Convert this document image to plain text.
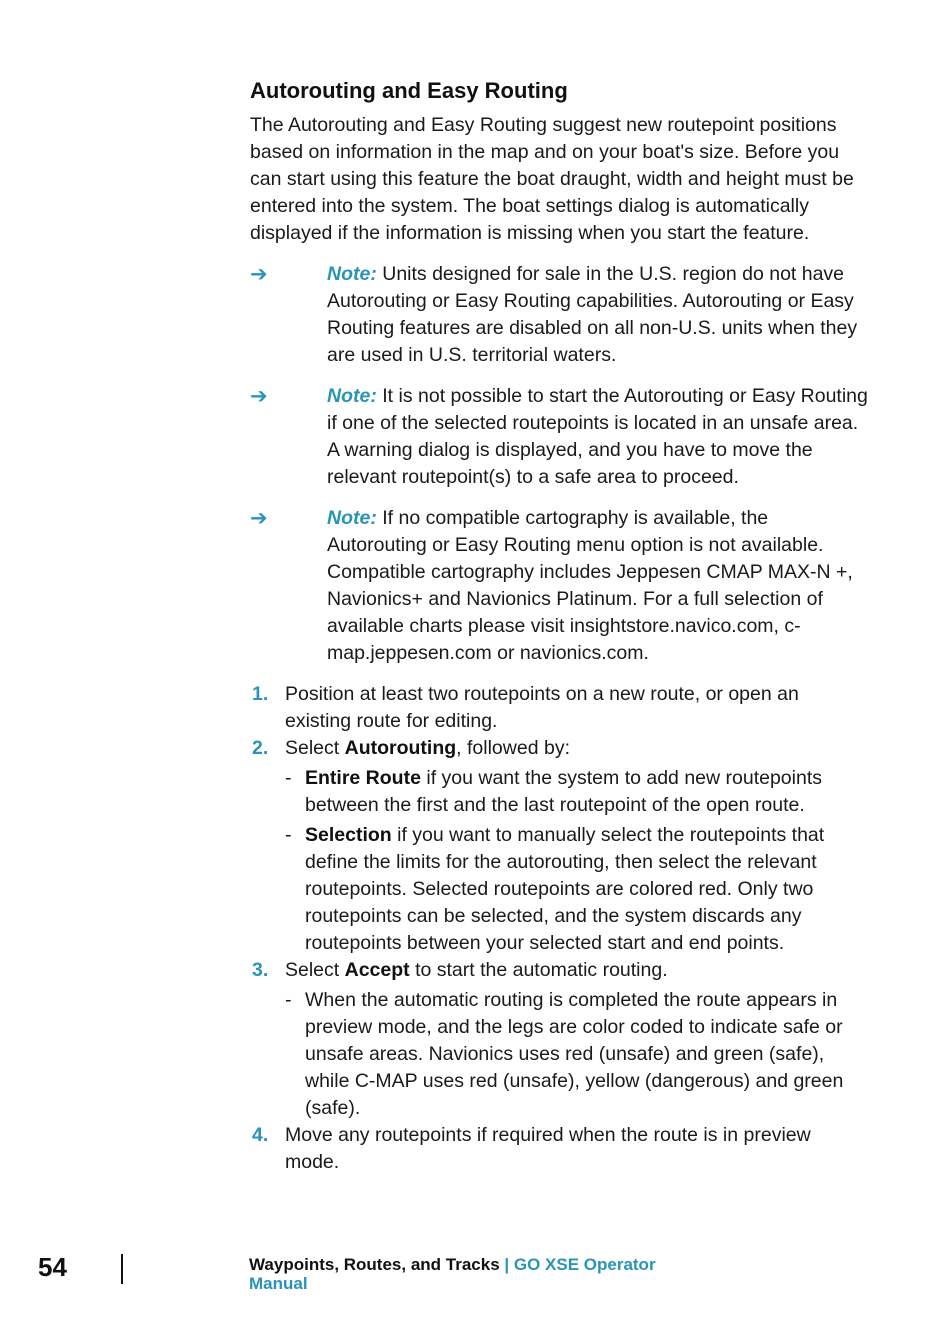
Autorouting and Easy Routing

The Autorouting and Easy Routing suggest new routepoint positions based on information in the map and on your boat's size. Before you can start using this feature the boat draught, width and height must be entered into the system. The boat settings dialog is automatically displayed if the information is missing when you start the feature.

➔	Note: Units designed for sale in the U.S. region do not have Autorouting or Easy Routing capabilities. Autorouting or Easy Routing features are disabled on all non-U.S. units when they are used in U.S. territorial waters.
➔	Note: It is not possible to start the Autorouting or Easy Routing if one of the selected routepoints is located in an unsafe area. A warning dialog is displayed, and you have to move the relevant routepoint(s) to a safe area to proceed.
➔	Note: If no compatible cartography is available, the Autorouting or Easy Routing menu option is not available. Compatible cartography includes Jeppesen CMAP MAX-N +, Navionics+ and Navionics Platinum. For a full selection of available charts please visit insightstore.navico.com, c-map.jeppesen.com or navionics.com.
1. Position at least two routepoints on a new route, or open an existing route for editing.
2. Select Autorouting, followed by:
- Entire Route if you want the system to add new routepoints between the first and the last routepoint of the open route.
- Selection if you want to manually select the routepoints that define the limits for the autorouting, then select the relevant routepoints. Selected routepoints are colored red. Only two routepoints can be selected, and the system discards any routepoints between your selected start and end points.
3. Select Accept to start the automatic routing.
- When the automatic routing is completed the route appears in preview mode, and the legs are color coded to indicate safe or unsafe areas. Navionics uses red (unsafe) and green (safe), while C-MAP uses red (unsafe), yellow (dangerous) and green (safe).
4. Move any routepoints if required when the route is in preview mode.
54	Waypoints, Routes, and Tracks | GO XSE Operator Manual
